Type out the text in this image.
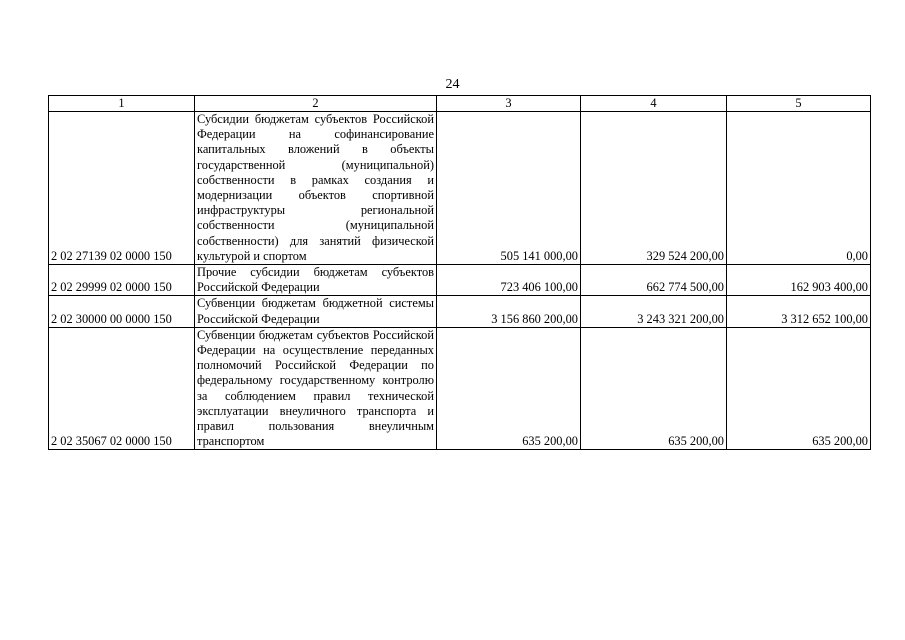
24
1	2	3	4	5
2 02 27139 02 0000 150	Субсидии бюджетам субъектов Российской Федерации на софинансирование капитальных вложений в объекты государственной (муниципальной) собственности в рамках создания и модернизации объектов спортивной инфраструктуры региональной собственности (муниципальной собственности) для занятий физической культурой и спортом	505 141 000,00	329 524 200,00	0,00
2 02 29999 02 0000 150	Прочие субсидии бюджетам субъектов Российской Федерации	723 406 100,00	662 774 500,00	162 903 400,00
2 02 30000 00 0000 150	Субвенции бюджетам бюджетной системы Российской Федерации	3 156 860 200,00	3 243 321 200,00	3 312 652 100,00
2 02 35067 02 0000 150	Субвенции бюджетам субъектов Российской Федерации на осуществление переданных полномочий Российской Федерации по федеральному государственному контролю за соблюдением правил технической эксплуатации внеуличного транспорта и правил пользования внеуличным транспортом	635 200,00	635 200,00	635 200,00
